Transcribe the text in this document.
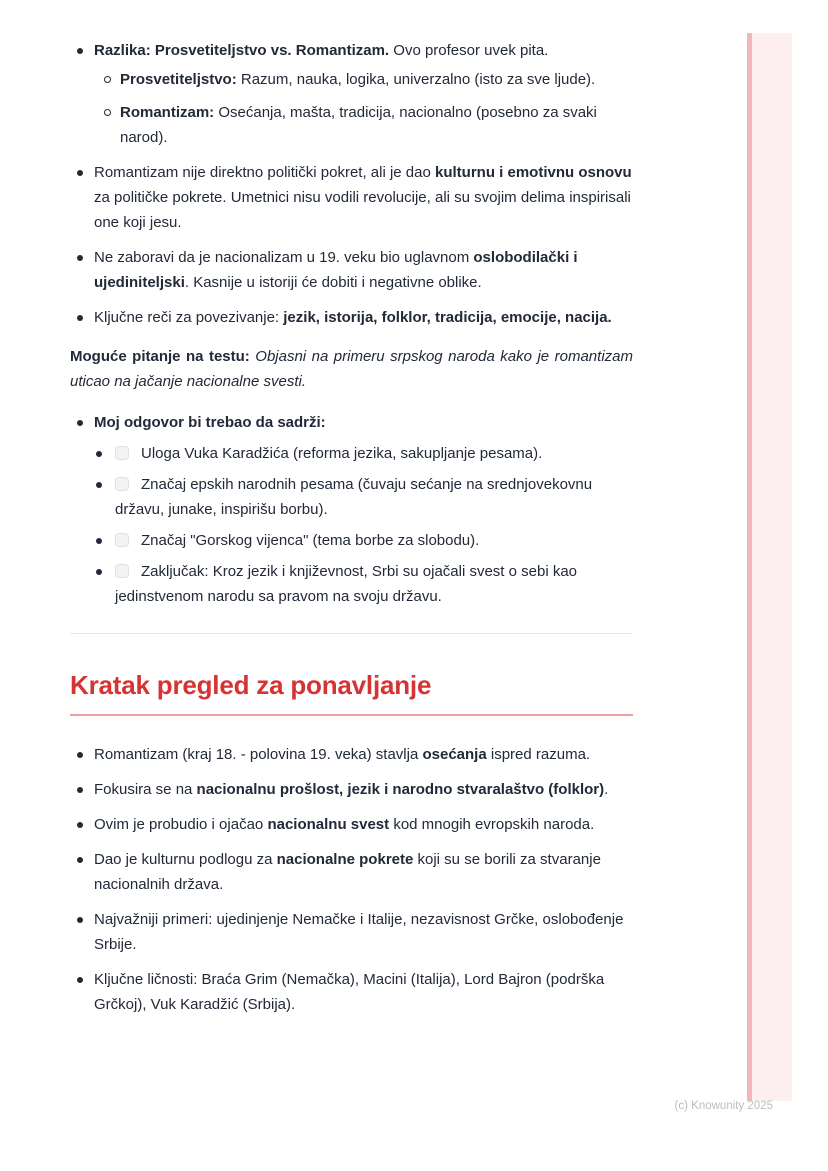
Razlika: Prosvetiteljstvo vs. Romantizam. Ovo profesor uvek pita.
Prosvetiteljstvo: Razum, nauka, logika, univerzalno (isto za sve ljude).
Romantizam: Osećanja, mašta, tradicija, nacionalno (posebno za svaki narod).
Romantizam nije direktno politički pokret, ali je dao kulturnu i emotivnu osnovu za političke pokrete. Umetnici nisu vodili revolucije, ali su svojim delima inspirisali one koji jesu.
Ne zaboravi da je nacionalizam u 19. veku bio uglavnom oslobodilački i ujediniteljski. Kasnije u istoriji će dobiti i negativne oblike.
Ključne reči za povezivanje: jezik, istorija, folklor, tradicija, emocije, nacija.

Moguće pitanje na testu: Objasni na primeru srpskog naroda kako je romantizam uticao na jačanje nacionalne svesti.

Moj odgovor bi trebao da sadrži:
Uloga Vuka Karadžića (reforma jezika, sakupljanje pesama).
Značaj epskih narodnih pesama (čuvaju sećanje na srednjovekovnu državu, junake, inspirišu borbu).
Značaj "Gorskog vijenca" (tema borbe za slobodu).
Zaključak: Kroz jezik i književnost, Srbi su ojačali svest o sebi kao jedinstvenom narodu sa pravom na svoju državu.
Kratak pregled za ponavljanje
Romantizam (kraj 18. - polovina 19. veka) stavlja osećanja ispred razuma.
Fokusira se na nacionalnu prošlost, jezik i narodno stvaralaštvo (folklor).
Ovim je probudio i ojačao nacionalnu svest kod mnogih evropskih naroda.
Dao je kulturnu podlogu za nacionalne pokrete koji su se borili za stvaranje nacionalnih država.
Najvažniji primeri: ujedinjenje Nemačke i Italije, nezavisnost Grčke, oslobođenje Srbije.
Ključne ličnosti: Braća Grim (Nemačka), Macini (Italija), Lord Bajron (podrška Grčkoj), Vuk Karadžić (Srbija).
(c) Knowunity 2025
